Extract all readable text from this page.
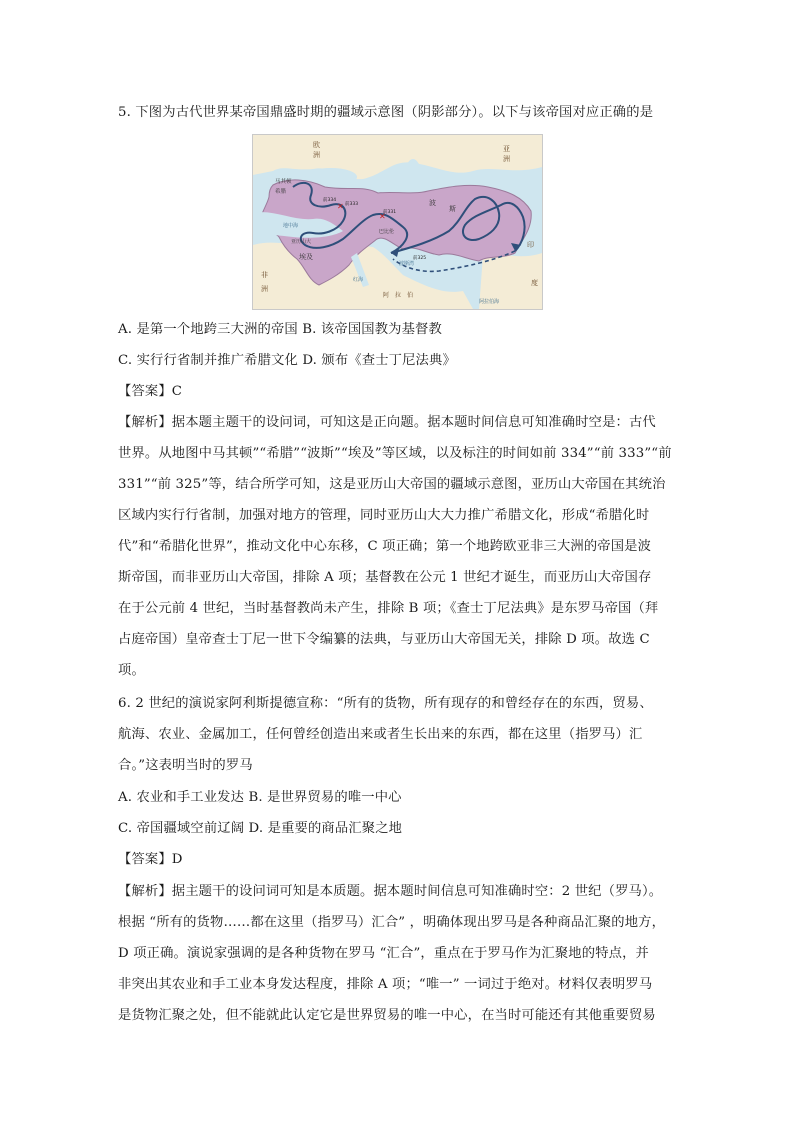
5. 下图为古代世界某帝国鼎盛时期的疆域示意图（阴影部分）。以下与该帝国对应正确的是
✕
✕
欧
洲
亚
洲
马其顿
希腊
波
斯
埃及
非
洲
阿　拉　伯
印
度
巴比伦
亚历山大
地中海
红海
波斯湾
阿拉伯海
前334
前333
前331
前325
A. 是第一个地跨三大洲的帝国 B. 该帝国国教为基督教
C. 实行行省制并推广希腊文化 D. 颁布《查士丁尼法典》
【答案】C
【解析】据本题主题干的设问词，可知这是正向题。据本题时间信息可知准确时空是：古代
世界。从地图中马其顿”“希腊”“波斯”“埃及”等区域，以及标注的时间如前 334”“前 333”“前
331”“前 325”等，结合所学可知，这是亚历山大帝国的疆域示意图，亚历山大帝国在其统治
区域内实行行省制，加强对地方的管理，同时亚历山大大力推广希腊文化，形成“希腊化时
代”和“希腊化世界”，推动文化中心东移，C 项正确；第一个地跨欧亚非三大洲的帝国是波
斯帝国，而非亚历山大帝国，排除 A 项；基督教在公元 1 世纪才诞生，而亚历山大帝国存
在于公元前 4 世纪，当时基督教尚未产生，排除 B 项；《查士丁尼法典》是东罗马帝国（拜
占庭帝国）皇帝查士丁尼一世下令编纂的法典，与亚历山大帝国无关，排除 D 项。故选 C
项。
6. 2 世纪的演说家阿利斯提德宣称：“所有的货物，所有现存的和曾经存在的东西，贸易、
航海、农业、金属加工，任何曾经创造出来或者生长出来的东西，都在这里（指罗马）汇
合。”这表明当时的罗马
A. 农业和手工业发达 B. 是世界贸易的唯一中心
C. 帝国疆域空前辽阔 D. 是重要的商品汇聚之地
【答案】D
【解析】据主题干的设问词可知是本质题。据本题时间信息可知准确时空：2 世纪（罗马）。
根据 “所有的货物……都在这里（指罗马）汇合” ，明确体现出罗马是各种商品汇聚的地方，
D 项正确。演说家强调的是各种货物在罗马 “汇合”，重点在于罗马作为汇聚地的特点，并
非突出其农业和手工业本身发达程度，排除 A 项；“唯一” 一词过于绝对。材料仅表明罗马
是货物汇聚之处，但不能就此认定它是世界贸易的唯一中心，在当时可能还有其他重要贸易
